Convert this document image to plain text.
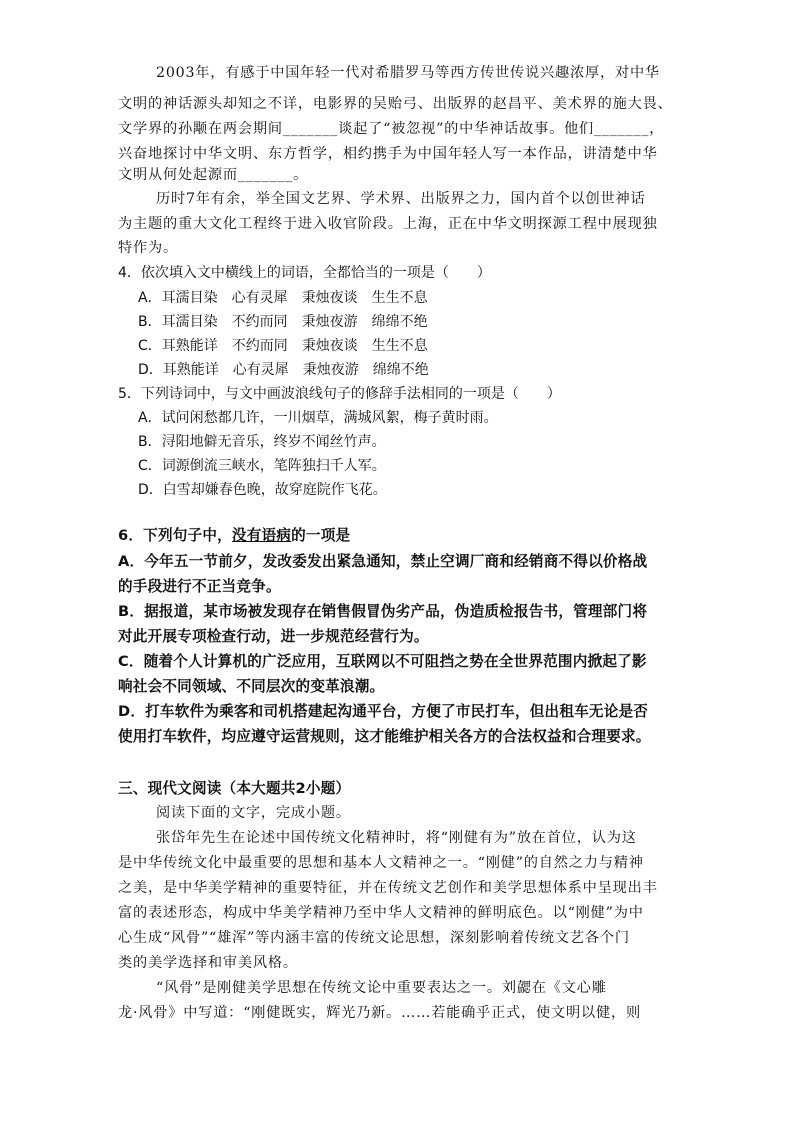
2003年，有感于中国年轻一代对希腊罗马等西方传世传说兴趣浓厚，对中华
文明的神话源头却知之不详，电影界的吴贻弓、出版界的赵昌平、美术界的施大畏、
文学界的孙颙在两会期间_______谈起了“被忽视”的中华神话故事。他们_______，
兴奋地探讨中华文明、东方哲学，相约携手为中国年轻人写一本作品，讲清楚中华
文明从何处起源而_______。
历时7年有余，举全国文艺界、学术界、出版界之力，国内首个以创世神话
为主题的重大文化工程终于进入收官阶段。上海，正在中华文明探源工程中展现独
特作为。
4．依次填入文中横线上的词语，全都恰当的一项是（　　）
A．耳濡目染　心有灵犀　秉烛夜谈　生生不息
B．耳濡目染　不约而同　秉烛夜游　绵绵不绝
C．耳熟能详　不约而同　秉烛夜谈　生生不息
D．耳熟能详　心有灵犀　秉烛夜游　绵绵不绝
5．下列诗词中，与文中画波浪线句子的修辞手法相同的一项是（　　）
A．试问闲愁都几许，一川烟草，满城风絮，梅子黄时雨。
B．浔阳地僻无音乐，终岁不闻丝竹声。
C．词源倒流三峡水，笔阵独扫千人军。
D．白雪却嫌春色晚，故穿庭院作飞花。
6．下列句子中，没有语病的一项是
A．今年五一节前夕，发改委发出紧急通知，禁止空调厂商和经销商不得以价格战
的手段进行不正当竞争。
B．据报道，某市场被发现存在销售假冒伪劣产品，伪造质检报告书，管理部门将
对此开展专项检查行动，进一步规范经营行为。
C．随着个人计算机的广泛应用，互联网以不可阻挡之势在全世界范围内掀起了影
响社会不同领域、不同层次的变革浪潮。
D．打车软件为乘客和司机搭建起沟通平台，方便了市民打车，但出租车无论是否
使用打车软件，均应遵守运营规则，这才能维护相关各方的合法权益和合理要求。
三、现代文阅读（本大题共2小题）
阅读下面的文字，完成小题。
张岱年先生在论述中国传统文化精神时，将“刚健有为”放在首位，认为这
是中华传统文化中最重要的思想和基本人文精神之一。“刚健”的自然之力与精神
之美，是中华美学精神的重要特征，并在传统文艺创作和美学思想体系中呈现出丰
富的表述形态，构成中华美学精神乃至中华人文精神的鲜明底色。以“刚健”为中
心生成“风骨”“雄浑”等内涵丰富的传统文论思想，深刻影响着传统文艺各个门
类的美学选择和审美风格。
“风骨”是刚健美学思想在传统文论中重要表达之一。刘勰在《文心雕
龙·风骨》中写道：“刚健既实，辉光乃新。……若能确乎正式，使文明以健，则
